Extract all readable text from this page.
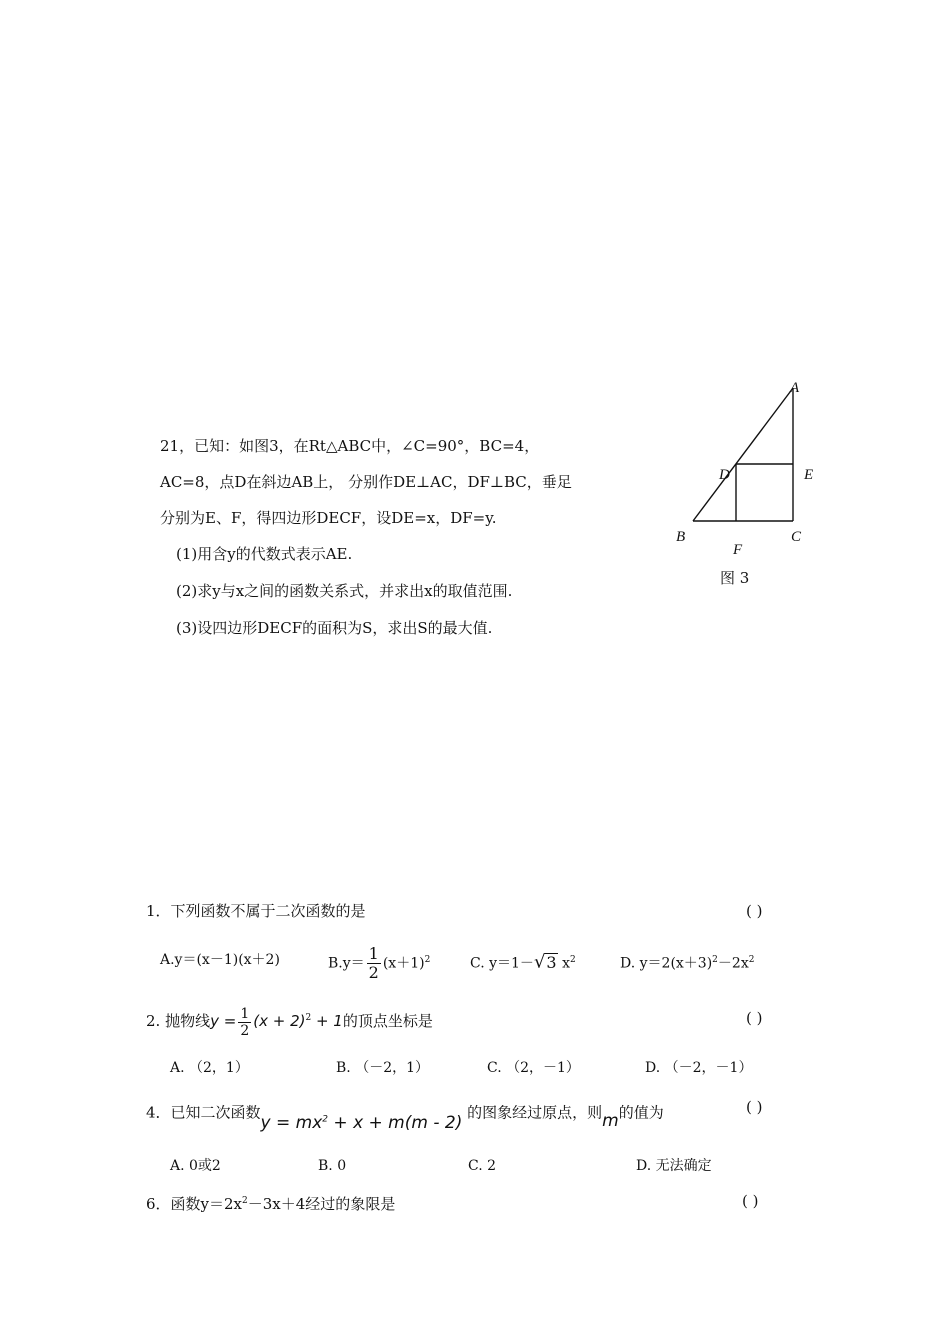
21，已知：如图3，在Rt△ABC中，∠C=90°，BC=4，
AC=8，点D在斜边AB上， 分别作DE⊥AC，DF⊥BC，垂足
分别为E、F，得四边形DECF，设DE=x，DF=y.
(1)用含y的代数式表示AE.
(2)求y与x之间的函数关系式，并求出x的取值范围.
(3)设四边形DECF的面积为S，求出S的最大值.
A
D	E
B	C
F
图 3
1．下列函数不属于二次函数的是	( )
A.y＝(x－1)(x＋2)	$B.y= \frac{1}{2} (x+1)^2$	C. y＝1－√3 $x^2$	D. $y=2(x+3)^2-2x^2$
2. 抛物线$y = \frac{1}{2} (x + 2)^2 + 1$的顶点坐标是	( )
A. （2，1）	B. （－2，1）	C. （2，－1）	D. （－2，－1）
4．已知二次函数$y = mx^2 + x + m(m - 2)$ 的图象经过原点，则m的值为	( )
A. 0或2	B. 0	C. 2	D. 无法确定
6．函数$y=2x^2-3x+4$经过的象限是	( )
